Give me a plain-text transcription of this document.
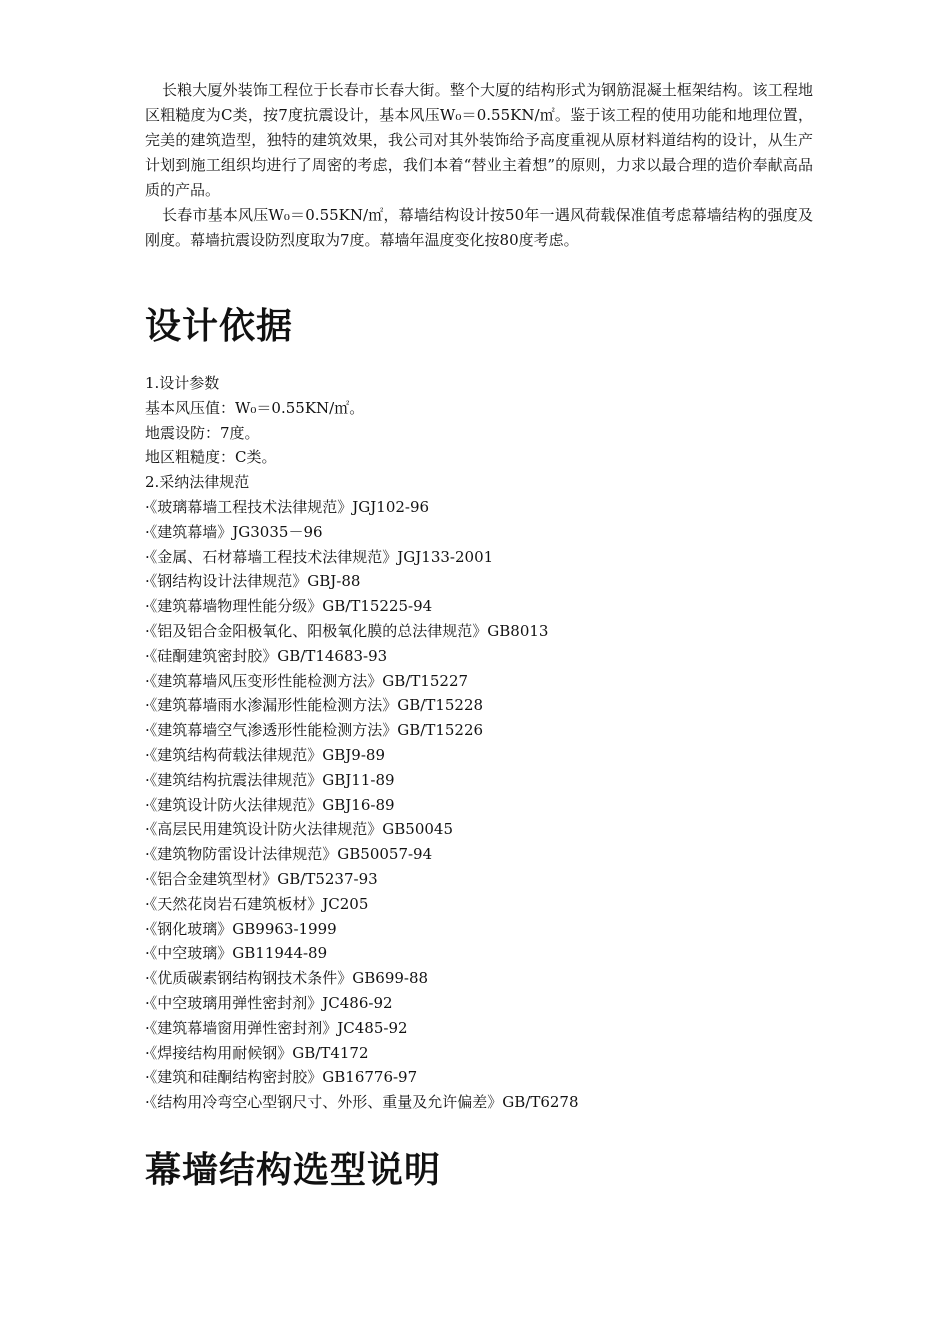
长粮大厦外装饰工程位于长春市长春大街。整个大厦的结构形式为钢筋混凝土框架结构。该工程地区粗糙度为C类，按7度抗震设计，基本风压W₀＝0.55KN/㎡。鉴于该工程的使用功能和地理位置，完美的建筑造型，独特的建筑效果，我公司对其外装饰给予高度重视从原材料道结构的设计，从生产计划到施工组织均进行了周密的考虑，我们本着“替业主着想”的原则，力求以最合理的造价奉献高品质的产品。

长春市基本风压W₀＝0.55KN/㎡，幕墙结构设计按50年一遇风荷载保准值考虑幕墙结构的强度及刚度。幕墙抗震设防烈度取为7度。幕墙年温度变化按80度考虑。

设计依据
1.设计参数
基本风压值：W₀＝0.55KN/㎡。
地震设防：7度。
地区粗糙度：C类。
2.采纳法律规范
·《玻璃幕墙工程技术法律规范》JGJ102-96
·《建筑幕墙》JG3035－96
·《金属、石材幕墙工程技术法律规范》JGJ133-2001
·《钢结构设计法律规范》GBJ-88
·《建筑幕墙物理性能分级》GB/T15225-94
·《铝及铝合金阳极氧化、阳极氧化膜的总法律规范》GB8013
·《硅酮建筑密封胶》GB/T14683-93
·《建筑幕墙风压变形性能检测方法》GB/T15227
·《建筑幕墙雨水渗漏形性能检测方法》GB/T15228
·《建筑幕墙空气渗透形性能检测方法》GB/T15226
·《建筑结构荷载法律规范》GBJ9-89
·《建筑结构抗震法律规范》GBJ11-89
·《建筑设计防火法律规范》GBJ16-89
·《高层民用建筑设计防火法律规范》GB50045
·《建筑物防雷设计法律规范》GB50057-94
·《铝合金建筑型材》GB/T5237-93
·《天然花岗岩石建筑板材》JC205
·《钢化玻璃》GB9963-1999
·《中空玻璃》GB11944-89
·《优质碳素钢结构钢技术条件》GB699-88
·《中空玻璃用弹性密封剂》JC486-92
·《建筑幕墙窗用弹性密封剂》JC485-92
·《焊接结构用耐候钢》GB/T4172
·《建筑和硅酮结构密封胶》GB16776-97
·《结构用冷弯空心型钢尺寸、外形、重量及允许偏差》GB/T6278
幕墙结构选型说明
